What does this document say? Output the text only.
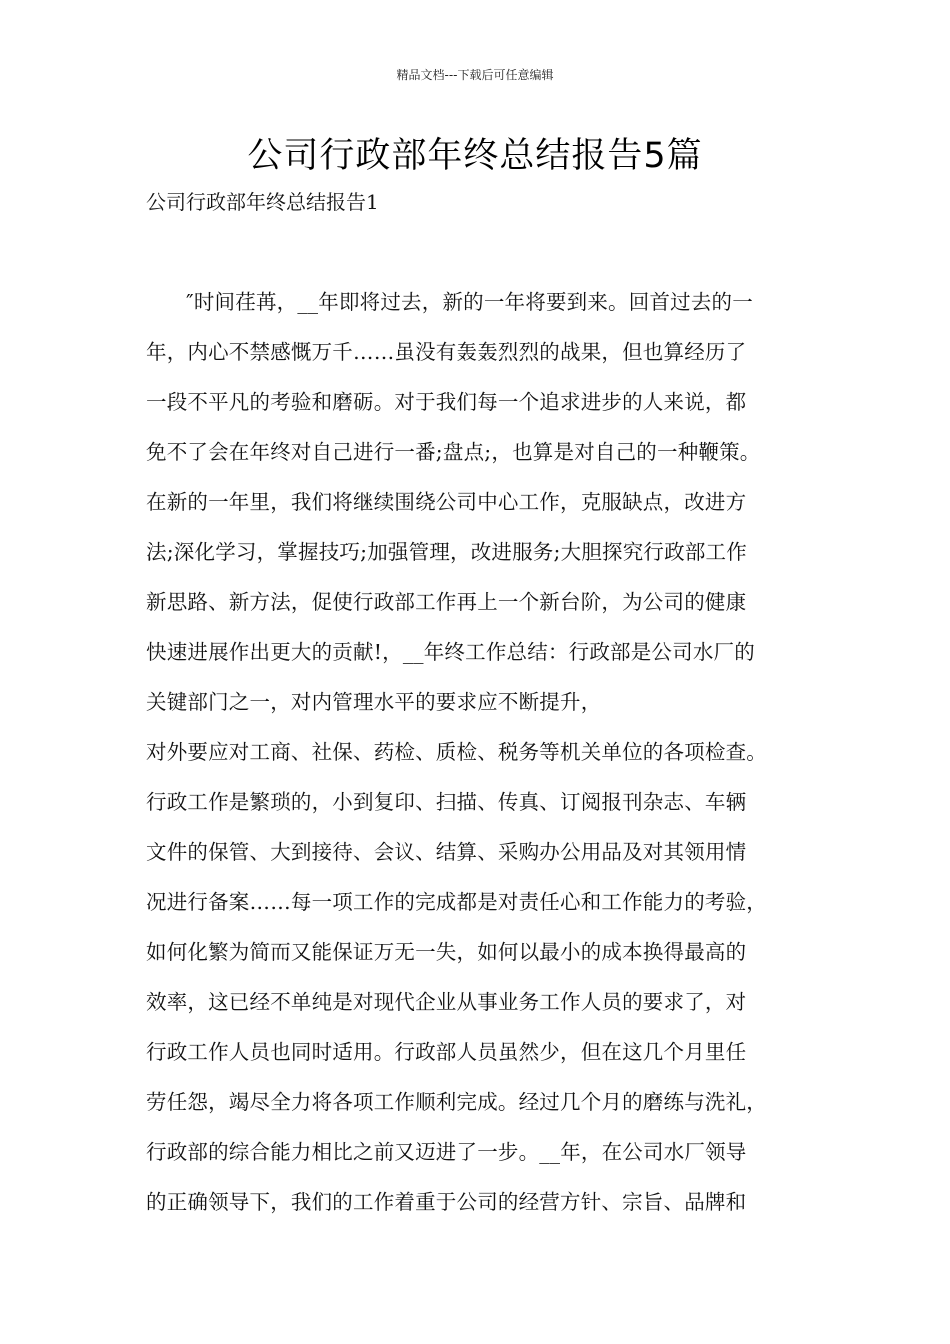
精品文档---下载后可任意编辑
公司行政部年终总结报告5篇
公司行政部年终总结报告1
″时间荏苒，__年即将过去，新的一年将要到来。回首过去的一
年，内心不禁感慨万千……虽没有轰轰烈烈的战果，但也算经历了
一段不平凡的考验和磨砺。对于我们每一个追求进步的人来说，都
免不了会在年终对自己进行一番;盘点;，也算是对自己的一种鞭策。
在新的一年里，我们将继续围绕公司中心工作，克服缺点，改进方
法;深化学习，掌握技巧;加强管理，改进服务;大胆探究行政部工作
新思路、新方法，促使行政部工作再上一个新台阶，为公司的健康
快速进展作出更大的贡献!，__年终工作总结：行政部是公司水厂的
关键部门之一，对内管理水平的要求应不断提升，
对外要应对工商、社保、药检、质检、税务等机关单位的各项检查。
行政工作是繁琐的，小到复印、扫描、传真、订阅报刊杂志、车辆
文件的保管、大到接待、会议、结算、采购办公用品及对其领用情
况进行备案……每一项工作的完成都是对责任心和工作能力的考验，
如何化繁为简而又能保证万无一失，如何以最小的成本换得最高的
效率，这已经不单纯是对现代企业从事业务工作人员的要求了，对
行政工作人员也同时适用。行政部人员虽然少，但在这几个月里任
劳任怨，竭尽全力将各项工作顺利完成。经过几个月的磨练与洗礼，
行政部的综合能力相比之前又迈进了一步。__年，在公司水厂领导
的正确领导下，我们的工作着重于公司的经营方针、宗旨、品牌和
